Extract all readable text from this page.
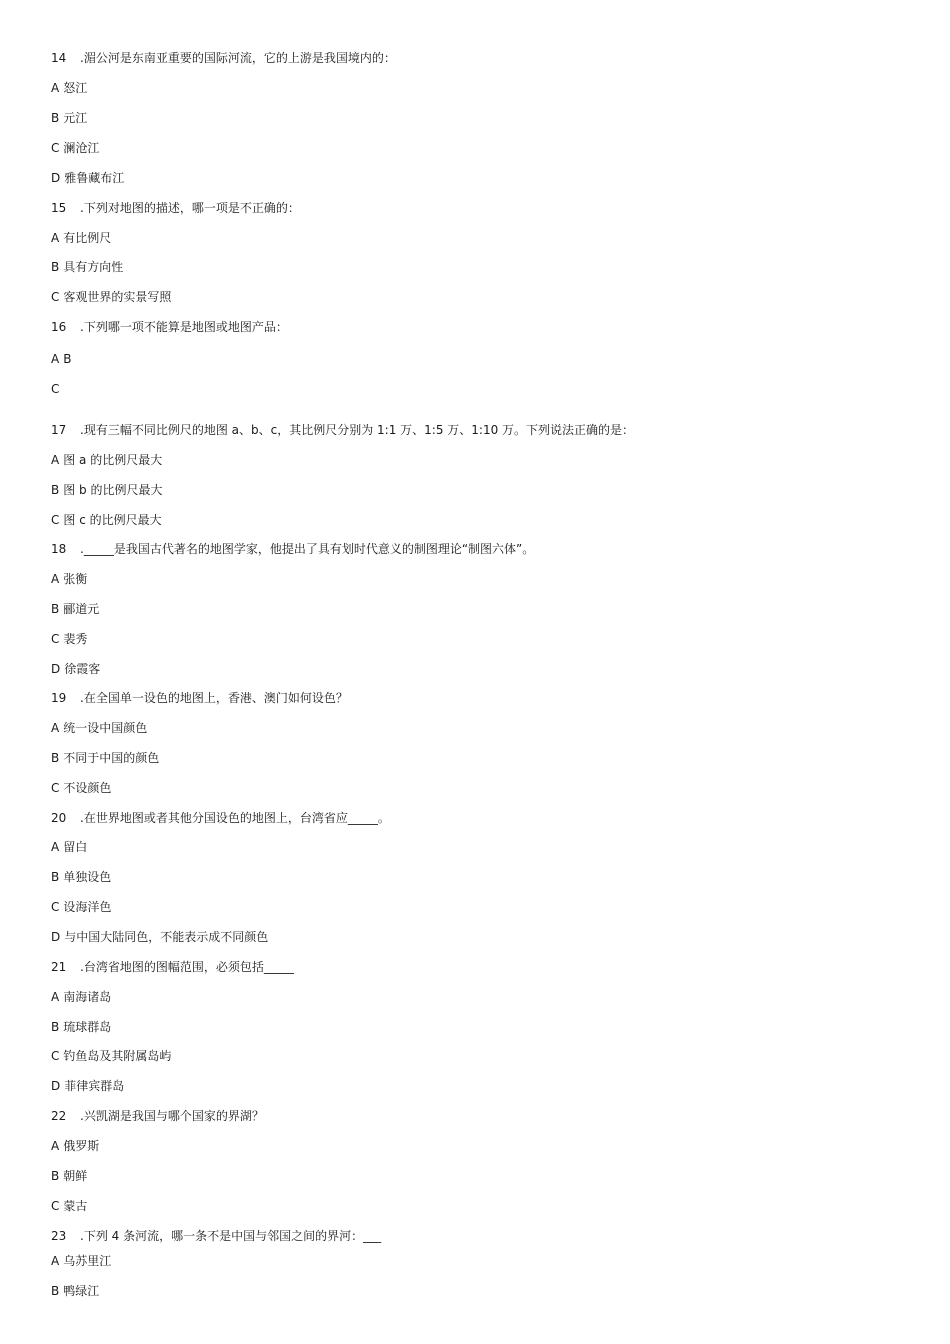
14 .湄公河是东南亚重要的国际河流，它的上游是我国境内的：
A 怒江
B 元江
C 澜沧江
D 雅鲁藏布江
15 .下列对地图的描述，哪一项是不正确的：
A 有比例尺
B 具有方向性
C 客观世界的实景写照
16 .下列哪一项不能算是地图或地图产品：
A B
C
17 .现有三幅不同比例尺的地图 a、b、c，其比例尺分别为 1:1 万、1:5 万、1:10 万。下列说法正确的是：
A 图 a 的比例尺最大
B 图 b 的比例尺最大
C 图 c 的比例尺最大
18 ._____是我国古代著名的地图学家，他提出了具有划时代意义的制图理论“制图六体”。
A 张衡
B 郦道元
C 裴秀
D 徐霞客
19 .在全国单一设色的地图上，香港、澳门如何设色？
A 统一设中国颜色
B 不同于中国的颜色
C 不设颜色
20 .在世界地图或者其他分国设色的地图上，台湾省应_____。
A 留白
B 单独设色
C 设海洋色
D 与中国大陆同色，不能表示成不同颜色
21 .台湾省地图的图幅范围，必须包括_____
A 南海诸岛
B 琉球群岛
C 钓鱼岛及其附属岛屿
D 菲律宾群岛
22 .兴凯湖是我国与哪个国家的界湖？
A 俄罗斯
B 朝鲜
C 蒙古
23 .下列 4 条河流，哪一条不是中国与邻国之间的界河：___
A 乌苏里江
B 鸭绿江
